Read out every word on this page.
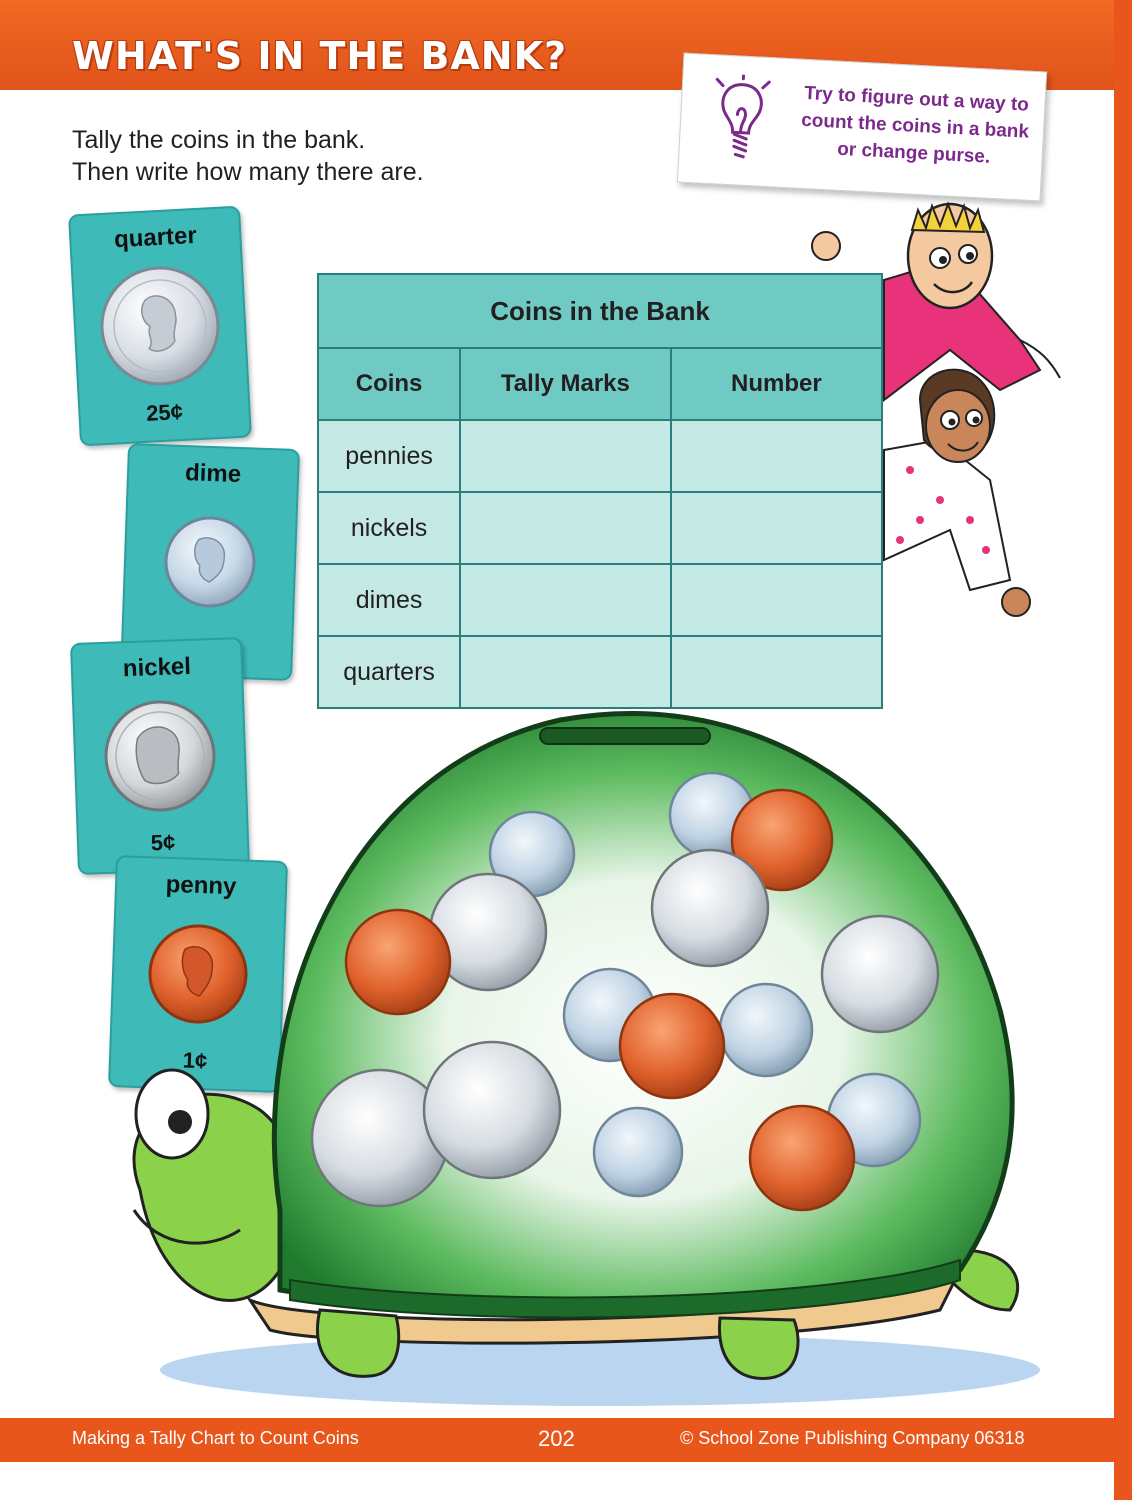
WHAT'S IN THE BANK?
Tally the coins in the bank.
Then write how many there are.
Try to figure out a way to
count the coins in a bank
or change purse.
quarter
25¢
dime
nickel
5¢
penny
1¢
Coins in the Bank		
Coins	Tally Marks	Number
pennies		
nickels		
dimes		
quarters		
Making a Tally Chart to Count Coins	202	© School Zone Publishing Company 06318
